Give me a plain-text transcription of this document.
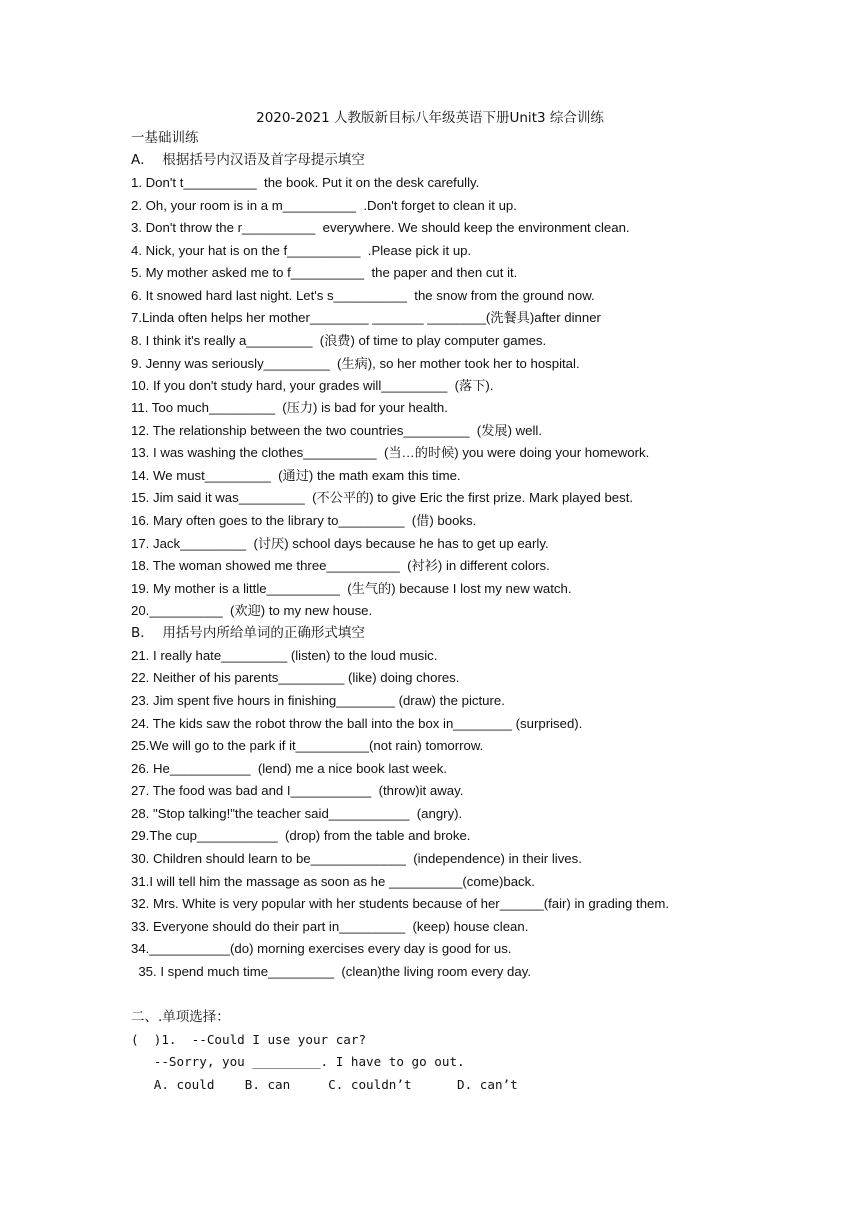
2020-2021 人教版新目标八年级英语下册Unit3 综合训练
一基础训练
A．  根据括号内汉语及首字母提示填空
1. Don't t__________  the book. Put it on the desk carefully.
2. Oh, your room is in a m__________  .Don't forget to clean it up.
3. Don't throw the r__________  everywhere. We should keep the environment clean.
4. Nick, your hat is on the f__________  .Please pick it up.
5. My mother asked me to f__________  the paper and then cut it.
6. It snowed hard last night. Let's s__________  the snow from the ground now.
7.Linda often helps her mother________ _______ ________(洗餐具)after dinner
8. I think it's really a_________  (浪费) of time to play computer games.
9. Jenny was seriously_________  (生病), so her mother took her to hospital.
10. If you don't study hard, your grades will_________  (落下).
11. Too much_________  (压力) is bad for your health.
12. The relationship between the two countries_________  (发展) well.
13. I was washing the clothes__________  (当…的时候) you were doing your homework.
14. We must_________  (通过) the math exam this time.
15. Jim said it was_________  (不公平的) to give Eric the first prize. Mark played best.
16. Mary often goes to the library to_________  (借) books.
17. Jack_________  (讨厌) school days because he has to get up early.
18. The woman showed me three__________  (衬衫) in different colors.
19. My mother is a little__________  (生气的) because I lost my new watch.
20.__________  (欢迎) to my new house.
B．  用括号内所给单词的正确形式填空
21. I really hate_________ (listen) to the loud music.
22. Neither of his parents_________ (like) doing chores.
23. Jim spent five hours in finishing________ (draw) the picture.
24. The kids saw the robot throw the ball into the box in________ (surprised).
25.We will go to the park if it__________(not rain) tomorrow.
26. He___________  (lend) me a nice book last week.
27. The food was bad and I___________  (throw)it away.
28. "Stop talking!"the teacher said___________  (angry).
29.The cup___________  (drop) from the table and broke.
30. Children should learn to be_____________  (independence) in their lives.
31.I will tell him the massage as soon as he __________(come)back.
32. Mrs. White is very popular with her students because of her______(fair) in grading them.
33. Everyone should do their part in_________  (keep) house clean.
34.___________(do) morning exercises every day is good for us.
35. I spend much time_________  (clean)the living room every day.
二、.单项选择：
(  )1.  --Could I use your car?
--Sorry, you _________. I have to go out.
A. could    B. can     C. couldn’t      D. can’t
